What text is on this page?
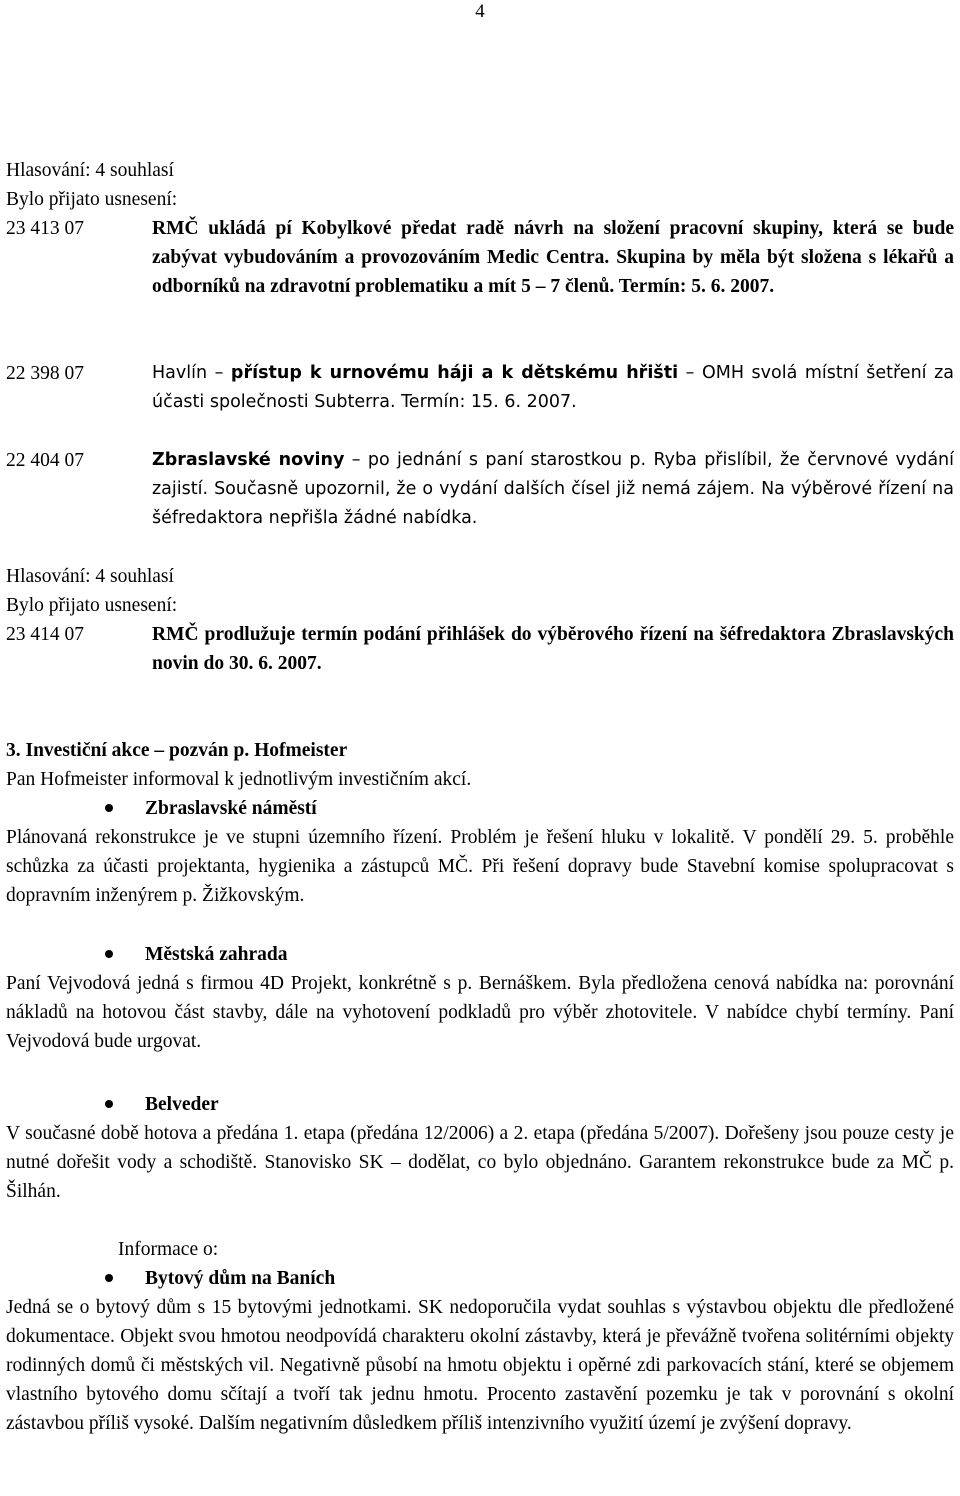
4
Hlasování: 4 souhlasí
Bylo přijato usnesení:
23 413 07	RMČ ukládá pí Kobylkové předat radě návrh na složení pracovní skupiny, která se bude zabývat vybudováním a provozováním Medic Centra. Skupina by měla být složena s lékařů a odborníků na zdravotní problematiku a mít 5 – 7 členů. Termín: 5. 6. 2007.
22 398 07	Havlín – přístup k urnovému háji a k dětskému hřišti – OMH svolá místní šetření za účasti společnosti Subterra. Termín: 15. 6. 2007.
22 404 07	Zbraslavské noviny – po jednání s paní starostkou p. Ryba přislíbil, že červnové vydání zajistí. Současně upozornil, že o vydání dalších čísel již nemá zájem. Na výběrové řízení na šéfredaktora nepřišla žádné nabídka.
Hlasování: 4 souhlasí
Bylo přijato usnesení:
23 414 07	RMČ prodlužuje termín podání přihlášek do výběrového řízení na šéfredaktora Zbraslavských novin do 30. 6. 2007.
3. Investiční akce – pozván p. Hofmeister
Pan Hofmeister informoval k jednotlivým investičním akcí.
Zbraslavské náměstí
Plánovaná rekonstrukce je ve stupni územního řízení. Problém je řešení hluku v lokalitě. V pondělí 29. 5. proběhle schůzka za účasti projektanta, hygienika a zástupců MČ. Při řešení dopravy bude Stavební komise spolupracovat s dopravním inženýrem p. Žižkovským.
Městská zahrada
Paní Vejvodová jedná s firmou 4D Projekt, konkrétně s p. Bernáškem. Byla předložena cenová nabídka na: porovnání nákladů na hotovou část stavby, dále na vyhotovení podkladů pro výběr zhotovitele. V nabídce chybí termíny. Paní Vejvodová bude urgovat.
Belveder
V současné době hotova a předána 1. etapa (předána 12/2006) a 2. etapa (předána 5/2007). Dořešeny jsou pouze cesty je nutné dořešit vody a schodiště. Stanovisko SK – dodělat, co bylo objednáno. Garantem rekonstrukce bude za MČ p. Šilhán.
Informace o:
Bytový dům na Baních
Jedná se o bytový dům s 15 bytovými jednotkami. SK nedoporučila vydat souhlas s výstavbou objektu dle předložené dokumentace. Objekt svou hmotou neodpovídá charakteru okolní zástavby, která je převážně tvořena solitérními objekty rodinných domů či městských vil. Negativně působí na hmotu objektu i opěrné zdi parkovacích stání, které se objemem vlastního bytového domu sčítají a tvoří tak jednu hmotu. Procento zastavění pozemku je tak v porovnání s okolní zástavbou příliš vysoké. Dalším negativním důsledkem příliš intenzivního využití území je zvýšení dopravy.
